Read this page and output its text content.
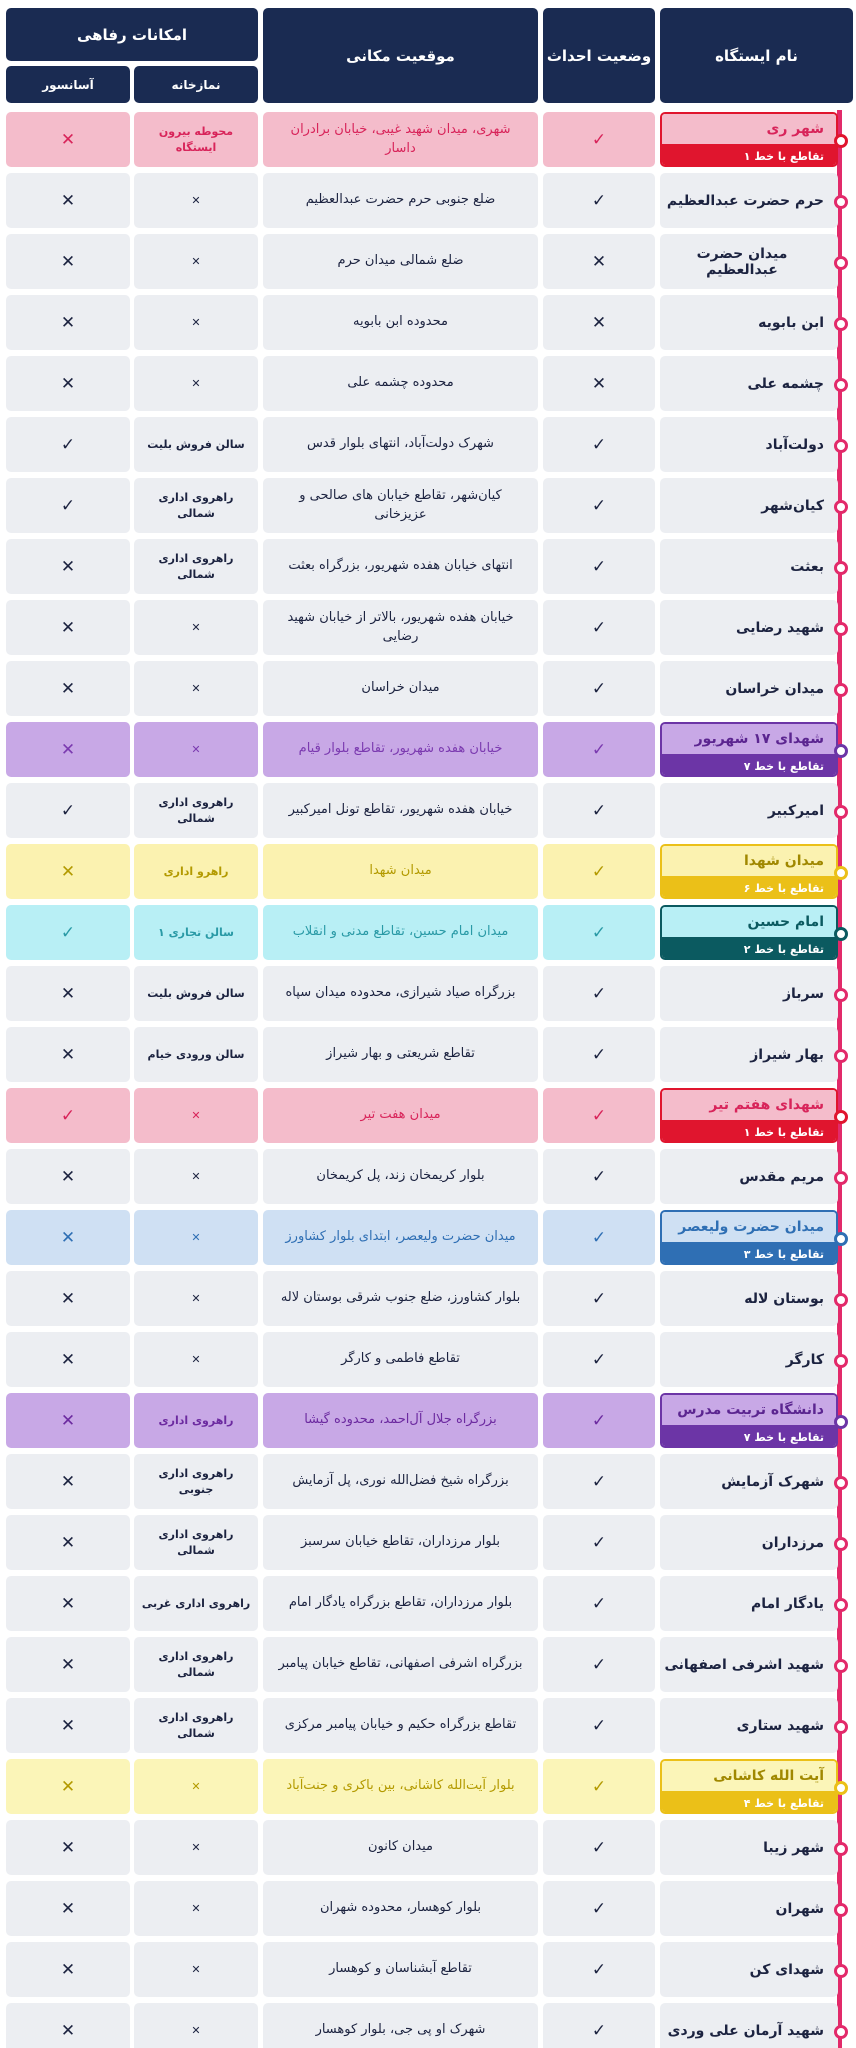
نام ایستگاه
وضعیت احداث
موقعیت مکانی
امکانات رفاهی
نمازخانه
آسانسور
شهر ری
تقاطع با خط ۱
✓
شهری، میدان شهید غیبی، خیابان برادران داسار
محوطه بیرون ایستگاه
✕
حرم حضرت عبدالعظیم
✓
ضلع جنوبی حرم حضرت عبدالعظیم
✕
✕
میدان حضرت عبدالعظیم
✕
ضلع شمالی میدان حرم
✕
✕
ابن بابویه
✕
محدوده ابن بابویه
✕
✕
چشمه علی
✕
محدوده چشمه علی
✕
✕
دولت‌آباد
✓
شهرک دولت‌آباد، انتهای بلوار قدس
سالن فروش بلیت
✓
کیان‌شهر
✓
کیان‌شهر، تقاطع خیابان های صالحی و عزیزخانی
راهروی اداری شمالی
✓
بعثت
✓
انتهای خیابان هفده شهریور، بزرگراه بعثت
راهروی اداری شمالی
✕
شهید رضایی
✓
خیابان هفده شهریور، بالاتر از خیابان شهید رضایی
✕
✕
میدان خراسان
✓
میدان خراسان
✕
✕
شهدای ۱۷ شهریور
تقاطع با خط ۷
✓
خیابان هفده شهریور، تقاطع بلوار قیام
✕
✕
امیرکبیر
✓
خیابان هفده شهریور، تقاطع تونل امیرکبیر
راهروی اداری شمالی
✓
میدان شهدا
تقاطع با خط ۶
✓
میدان شهدا
راهرو اداری
✕
امام حسین
تقاطع با خط ۲
✓
میدان امام حسین، تقاطع مدنی و انقلاب
سالن تجاری ۱
✓
سرباز
✓
بزرگراه صیاد شیرازی، محدوده میدان سپاه
سالن فروش بلیت
✕
بهار شیراز
✓
تقاطع شریعتی و بهار شیراز
سالن ورودی خیام
✕
شهدای هفتم تیر
تقاطع با خط ۱
✓
میدان هفت تیر
✕
✓
مریم مقدس
✓
بلوار کریمخان زند، پل کریمخان
✕
✕
میدان حضرت ولیعصر
تقاطع با خط ۳
✓
میدان حضرت ولیعصر، ابتدای بلوار کشاورز
✕
✕
بوستان لاله
✓
بلوار کشاورز، ضلع جنوب شرقی بوستان لاله
✕
✕
کارگر
✓
تقاطع فاطمی و کارگر
✕
✕
دانشگاه تربیت مدرس
تقاطع با خط ۷
✓
بزرگراه جلال آل‌احمد، محدوده گیشا
راهروی اداری
✕
شهرک آزمایش
✓
بزرگراه شیخ فضل‌الله نوری، پل آزمایش
راهروی اداری جنوبی
✕
مرزداران
✓
بلوار مرزداران، تقاطع خیابان سرسبز
راهروی اداری شمالی
✕
یادگار امام
✓
بلوار مرزداران، تقاطع بزرگراه یادگار امام
راهروی اداری غربی
✕
شهید اشرفی اصفهانی
✓
بزرگراه اشرفی اصفهانی، تقاطع خیابان پیامبر
راهروی اداری شمالی
✕
شهید ستاری
✓
تقاطع بزرگراه حکیم و خیابان پیامبر مرکزی
راهروی اداری شمالی
✕
آیت الله کاشانی
تقاطع با خط ۴
✓
بلوار آیت‌الله کاشانی، بین باکری و جنت‌آباد
✕
✕
شهر زیبا
✓
میدان کانون
✕
✕
شهران
✓
بلوار کوهسار، محدوده شهران
✕
✕
شهدای کن
✓
تقاطع آبشناسان و کوهسار
✕
✕
شهید آرمان علی وردی
✓
شهرک او پی جی، بلوار کوهسار
✕
✕
